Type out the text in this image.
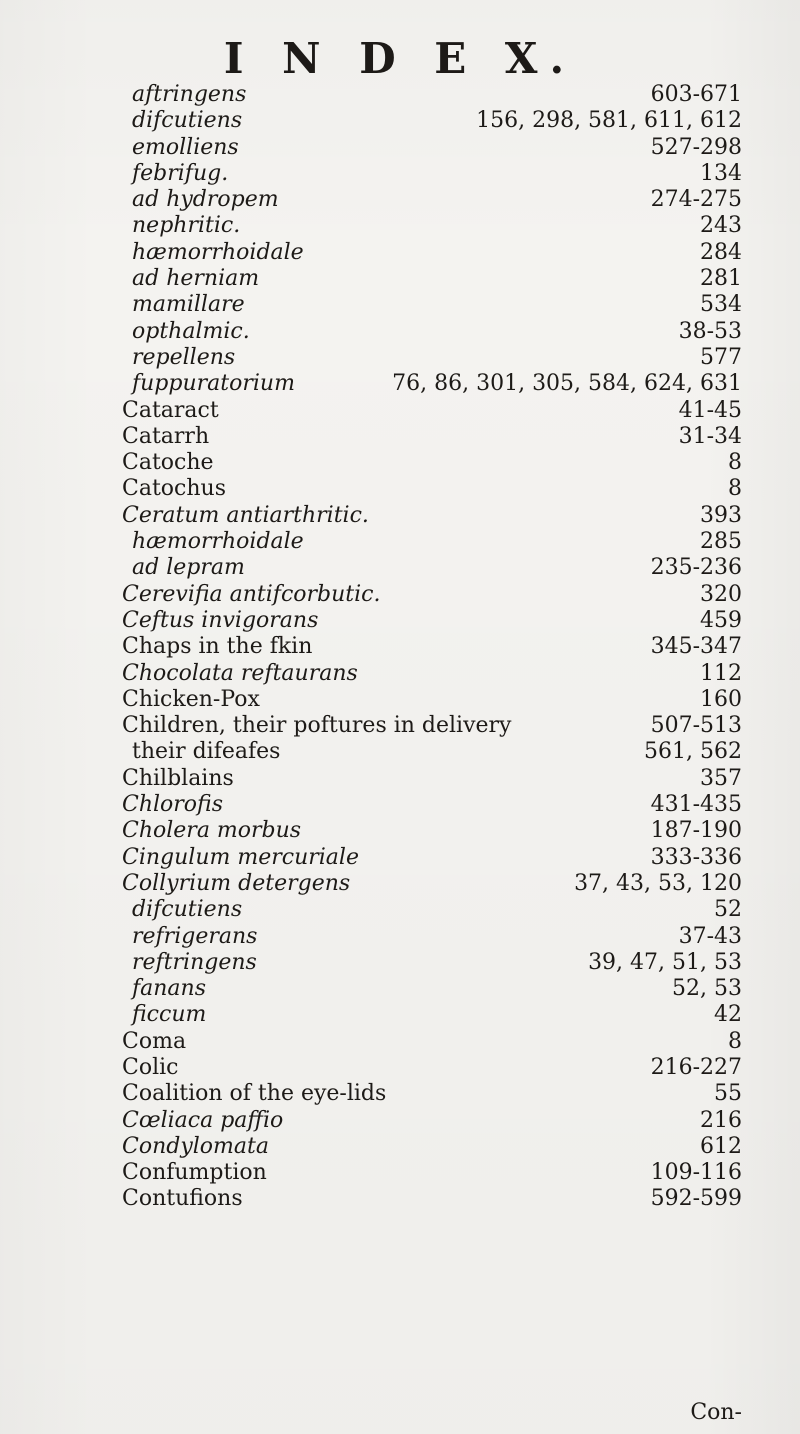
I N D E X.
aftringens	603-671
difcutiens	156, 298, 581, 611, 612
emolliens	527-298
febrifug.	134
ad hydropem	274-275
nephritic.	243
hæmorrhoidale	284
ad herniam	281
mamillare	534
opthalmic.	38-53
repellens	577
fuppuratorium	76, 86, 301, 305, 584, 624, 631
Cataract	41-45
Catarrh	31-34
Catoche	8
Catochus	8
Ceratum antiarthritic.	393
hæmorrhoidale	285
ad lepram	235-236
Cerevifia antifcorbutic.	320
Ceftus invigorans	459
Chaps in the fkin	345-347
Chocolata reftaurans	112
Chicken-Pox	160
Children, their poftures in delivery	507-513
their difeafes	561, 562
Chilblains	357
Chlorofis	431-435
Cholera morbus	187-190
Cingulum mercuriale	333-336
Collyrium detergens	37, 43, 53, 120
difcutiens	52
refrigerans	37-43
reftringens	39, 47, 51, 53
fanans	52, 53
ficcum	42
Coma	8
Colic	216-227
Coalition of the eye-lids	55
Cœliaca paffio	216
Condylomata	612
Confumption	109-116
Contufions	592-599
Con-
